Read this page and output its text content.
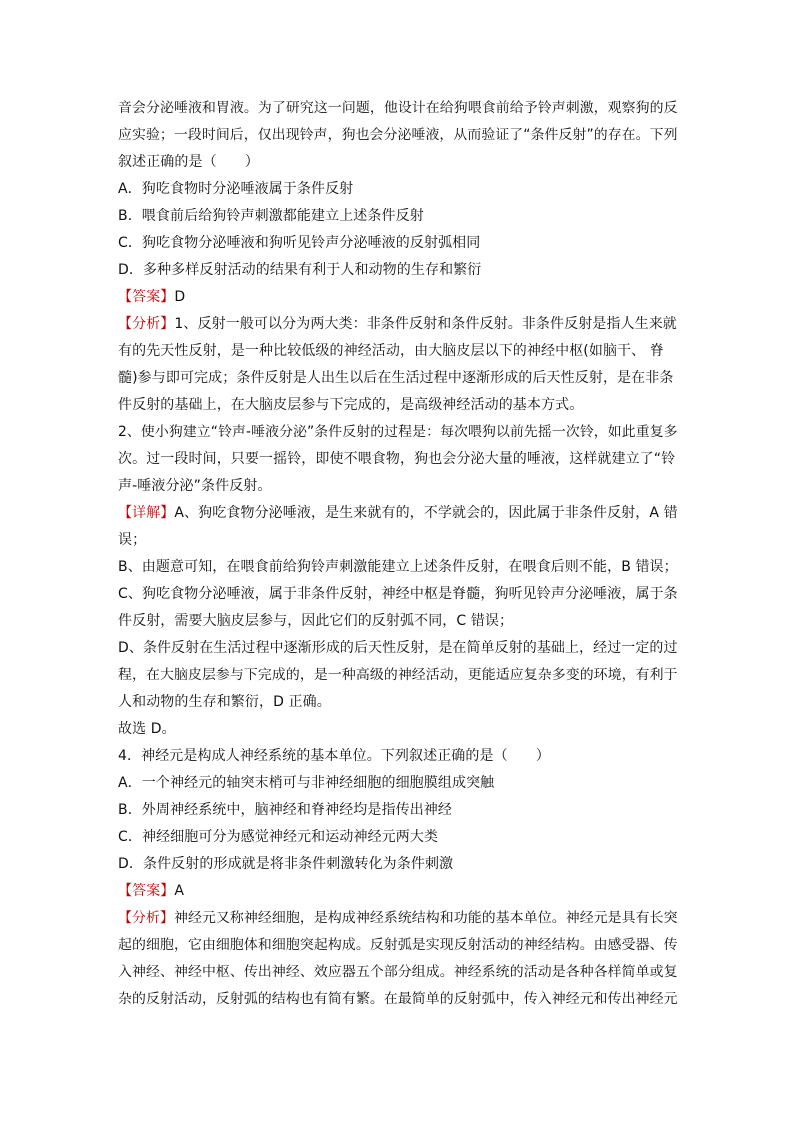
音会分泌唾液和胃液。为了研究这一问题，他设计在给狗喂食前给予铃声刺激，观察狗的反
应实验；一段时间后，仅出现铃声，狗也会分泌唾液，从而验证了“条件反射”的存在。下列
叙述正确的是（　　）
A．狗吃食物时分泌唾液属于条件反射
B．喂食前后给狗铃声刺激都能建立上述条件反射
C．狗吃食物分泌唾液和狗听见铃声分泌唾液的反射弧相同
D．多种多样反射活动的结果有利于人和动物的生存和繁衍
【答案】D
【分析】1、反射一般可以分为两大类：非条件反射和条件反射。非条件反射是指人生来就
有的先天性反射，是一种比较低级的神经活动，由大脑皮层以下的神经中枢(如脑干、 脊
髓)参与即可完成；条件反射是人出生以后在生活过程中逐渐形成的后天性反射，是在非条
件反射的基础上，在大脑皮层参与下完成的，是高级神经活动的基本方式。
2、使小狗建立“铃声-唾液分泌”条件反射的过程是：每次喂狗以前先摇一次铃，如此重复多
次。过一段时间，只要一摇铃，即使不喂食物，狗也会分泌大量的唾液，这样就建立了“铃
声-唾液分泌”条件反射。
【详解】A、狗吃食物分泌唾液，是生来就有的，不学就会的，因此属于非条件反射，A 错
误；
B、由题意可知，在喂食前给狗铃声刺激能建立上述条件反射，在喂食后则不能，B 错误；
C、狗吃食物分泌唾液，属于非条件反射，神经中枢是脊髓，狗听见铃声分泌唾液，属于条
件反射，需要大脑皮层参与，因此它们的反射弧不同，C 错误；
D、条件反射在生活过程中逐渐形成的后天性反射，是在简单反射的基础上，经过一定的过
程，在大脑皮层参与下完成的，是一种高级的神经活动，更能适应复杂多变的环境，有利于
人和动物的生存和繁衍，D 正确。
故选 D。
4．神经元是构成人神经系统的基本单位。下列叙述正确的是（　　）
A．一个神经元的轴突末梢可与非神经细胞的细胞膜组成突触
B．外周神经系统中，脑神经和脊神经均是指传出神经
C．神经细胞可分为感觉神经元和运动神经元两大类
D．条件反射的形成就是将非条件刺激转化为条件刺激
【答案】A
【分析】神经元又称神经细胞，是构成神经系统结构和功能的基本单位。神经元是具有长突
起的细胞，它由细胞体和细胞突起构成。反射弧是实现反射活动的神经结构。由感受器、传
入神经、神经中枢、传出神经、效应器五个部分组成。神经系统的活动是各种各样简单或复
杂的反射活动，反射弧的结构也有简有繁。在最简单的反射弧中，传入神经元和传出神经元
